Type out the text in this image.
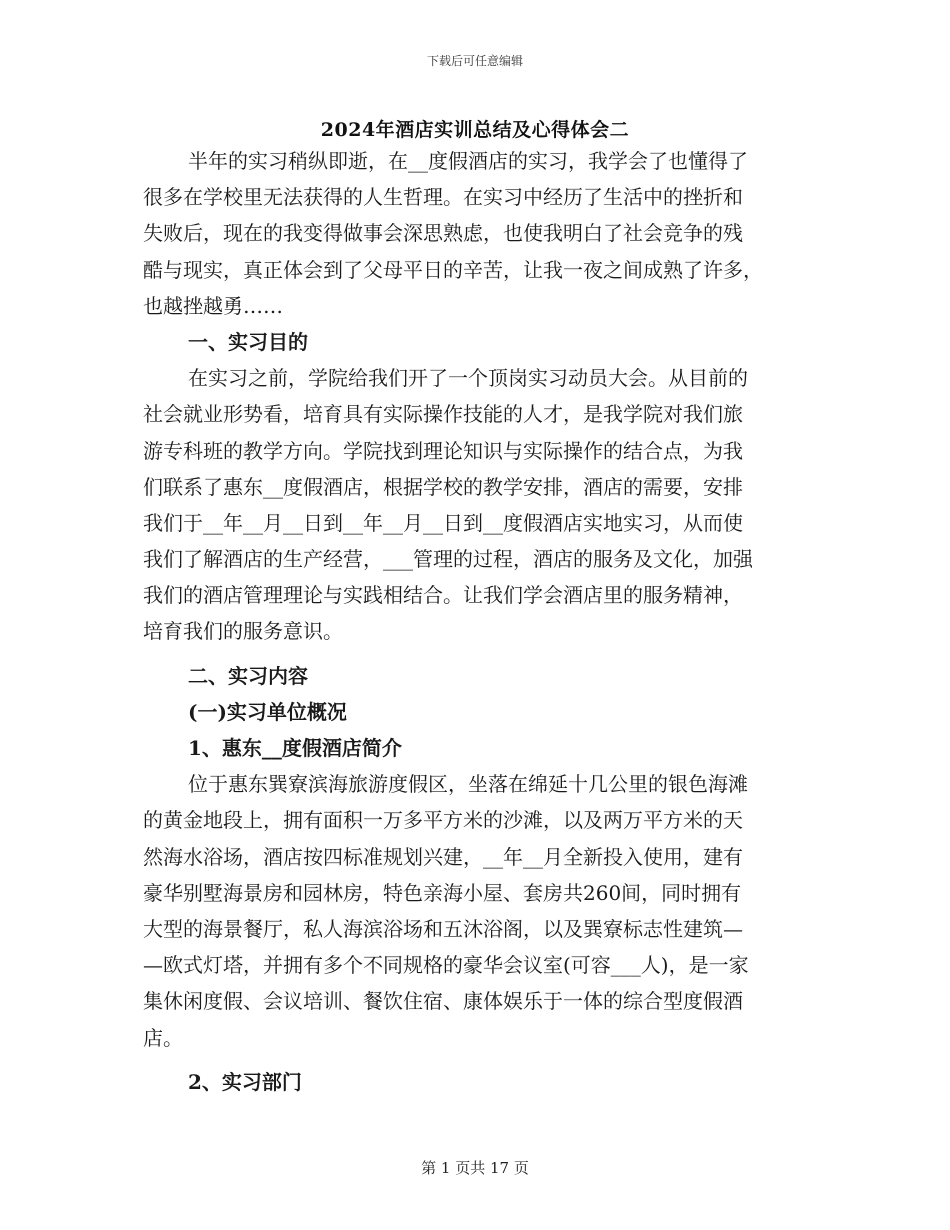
下载后可任意编辑
2024年酒店实训总结及心得体会二
半年的实习稍纵即逝，在__度假酒店的实习，我学会了也懂得了
很多在学校里无法获得的人生哲理。在实习中经历了生活中的挫折和
失败后，现在的我变得做事会深思熟虑，也使我明白了社会竞争的残
酷与现实，真正体会到了父母平日的辛苦，让我一夜之间成熟了许多，
也越挫越勇……
一、实习目的
在实习之前，学院给我们开了一个顶岗实习动员大会。从目前的
社会就业形势看，培育具有实际操作技能的人才，是我学院对我们旅
游专科班的教学方向。学院找到理论知识与实际操作的结合点，为我
们联系了惠东__度假酒店，根据学校的教学安排，酒店的需要，安排
我们于__年__月__日到__年__月__日到__度假酒店实地实习，从而使
我们了解酒店的生产经营，___管理的过程，酒店的服务及文化，加强
我们的酒店管理理论与实践相结合。让我们学会酒店里的服务精神，
培育我们的服务意识。
二、实习内容
(一)实习单位概况
1、惠东__度假酒店简介
位于惠东巽寮滨海旅游度假区，坐落在绵延十几公里的银色海滩
的黄金地段上，拥有面积一万多平方米的沙滩，以及两万平方米的天
然海水浴场，酒店按四标准规划兴建，__年__月全新投入使用，建有
豪华别墅海景房和园林房，特色亲海小屋、套房共260间，同时拥有
大型的海景餐厅，私人海滨浴场和五沐浴阁，以及巽寮标志性建筑—
—欧式灯塔，并拥有多个不同规格的豪华会议室(可容___人)，是一家
集休闲度假、会议培训、餐饮住宿、康体娱乐于一体的综合型度假酒
店。
2、实习部门
第 1 页共 17 页
